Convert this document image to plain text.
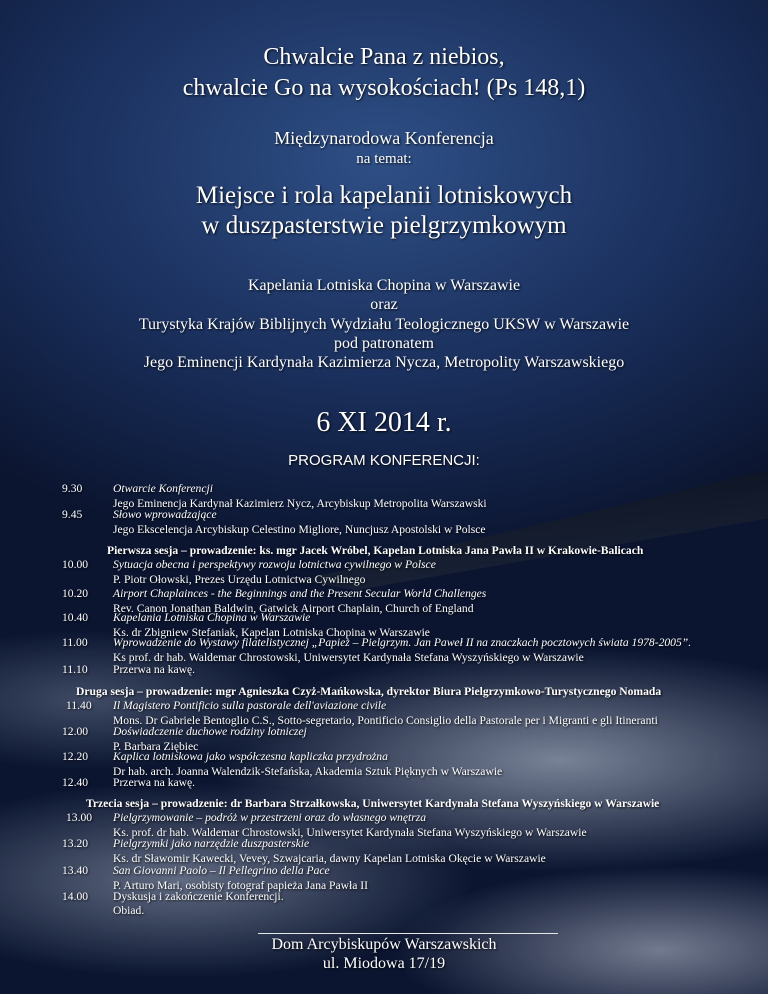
Chwalcie Pana z niebios,
chwalcie Go na wysokościach! (Ps 148,1)
Międzynarodowa Konferencja
na temat:
Miejsce i rola kapelanii lotniskowych
w duszpasterstwie pielgrzymkowym
Kapelania Lotniska Chopina w Warszawie
oraz
Turystyka Krajów Biblijnych Wydziału Teologicznego UKSW w Warszawie
pod patronatem
Jego Eminencji Kardynała Kazimierza Nycza, Metropolity Warszawskiego
6 XI 2014 r.
PROGRAM KONFERENCJI:
9.30	Otwarcie Konferencji
Jego Eminencja Kardynał Kazimierz Nycz, Arcybiskup Metropolita Warszawski
9.45	Słowo wprowadzające
Jego Ekscelencja Arcybiskup Celestino Migliore, Nuncjusz Apostolski w Polsce
Pierwsza sesja – prowadzenie: ks. mgr Jacek Wróbel, Kapelan Lotniska Jana Pawła II w Krakowie-Balicach
10.00 Sytuacja obecna i perspektywy rozwoju lotnictwa cywilnego w Polsce
P. Piotr Ołowski, Prezes Urzędu Lotnictwa Cywilnego
10.20 Airport Chaplainces - the Beginnings and the Present Secular World Challenges
Rev. Canon Jonathan Baldwin, Gatwick Airport Chaplain, Church of England
10.40 Kapelania Lotniska Chopina w Warszawie
Ks. dr Zbigniew Stefaniak, Kapelan Lotniska Chopina w Warszawie
11.00 Wprowadzenie do Wystawy filatelistycznej „Papież – Pielgrzym. Jan Paweł II na znaczkach pocztowych świata 1978-2005”.
Ks prof. dr hab. Waldemar Chrostowski, Uniwersytet Kardynała Stefana Wyszyńskiego w Warszawie
11.10 Przerwa na kawę.
Druga sesja – prowadzenie: mgr Agnieszka Czyż-Mańkowska, dyrektor Biura Pielgrzymkowo-Turystycznego Nomada
11.40 Il Magistero Pontificio sulla pastorale dell'aviazione civile
Mons. Dr Gabriele Bentoglio C.S., Sotto-segretario, Pontificio Consiglio della Pastorale per i Migranti e gli Itineranti
12.00 Doświadczenie duchowe rodziny lotniczej
P. Barbara Ziębiec
12.20 Kaplica lotniskowa jako współczesna kapliczka przydrożna
Dr hab. arch. Joanna Walendzik-Stefańska, Akademia Sztuk Pięknych w Warszawie
12.40 Przerwa na kawę.
Trzecia sesja – prowadzenie: dr Barbara Strzałkowska, Uniwersytet Kardynała Stefana Wyszyńskiego w Warszawie
13.00 Pielgrzymowanie – podróż w przestrzeni oraz do własnego wnętrza
Ks. prof. dr hab. Waldemar Chrostowski, Uniwersytet Kardynała Stefana Wyszyńskiego w Warszawie
13.20 Pielgrzymki jako narzędzie duszpasterskie
Ks. dr Sławomir Kawecki, Vevey, Szwajcaria, dawny Kapelan Lotniska Okęcie w Warszawie
13.40 San Giovanni Paolo – Il Pellegrino della Pace
P. Arturo Mari, osobisty fotograf papieża Jana Pawła II
14.00 Dyskusja i zakończenie Konferencji.
Obiad.
Dom Arcybiskupów Warszawskich
ul. Miodowa 17/19
